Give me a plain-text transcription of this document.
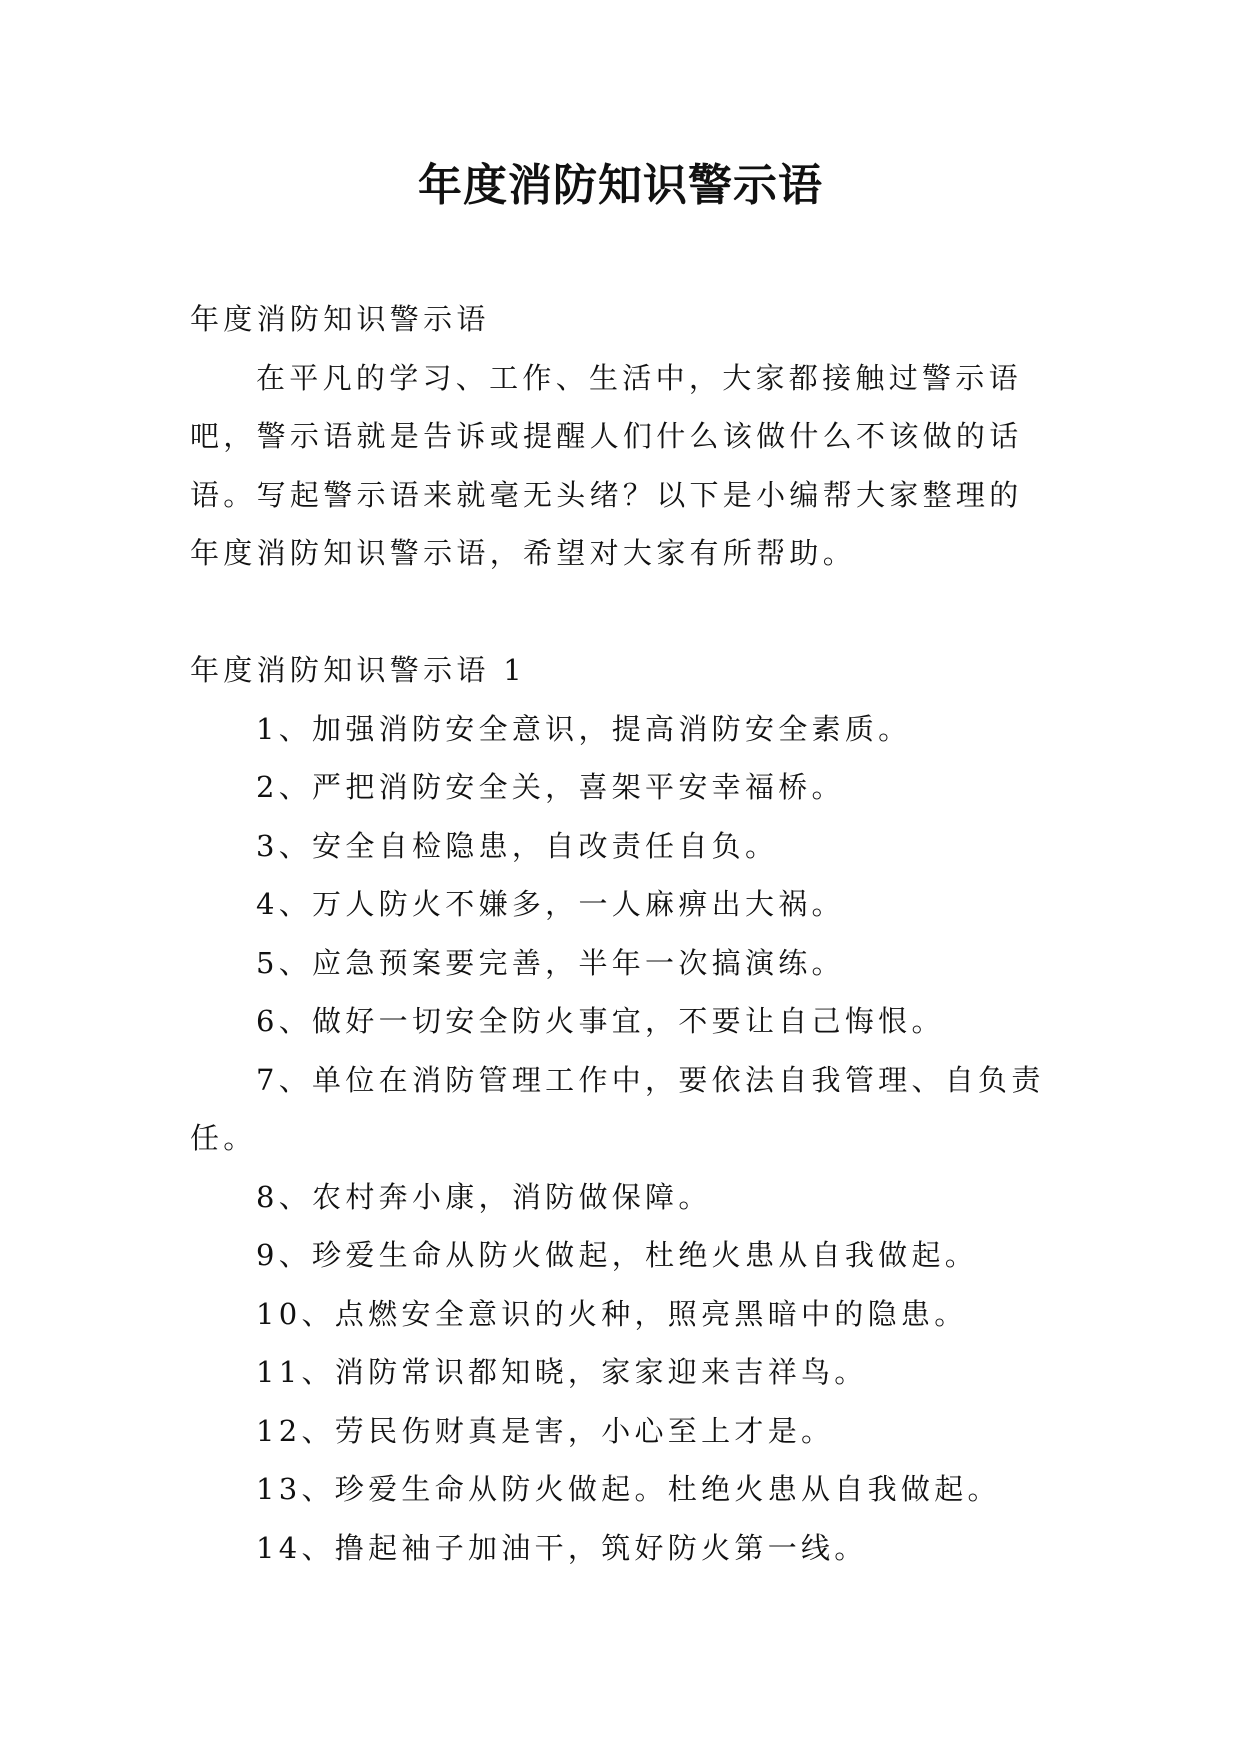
年度消防知识警示语

年度消防知识警示语

在平凡的学习、工作、生活中，大家都接触过警示语吧，警示语就是告诉或提醒人们什么该做什么不该做的话语。写起警示语来就毫无头绪？以下是小编帮大家整理的年度消防知识警示语，希望对大家有所帮助。

年度消防知识警示语 1

1、加强消防安全意识，提高消防安全素质。

2、严把消防安全关，喜架平安幸福桥。

3、安全自检隐患，自改责任自负。

4、万人防火不嫌多，一人麻痹出大祸。

5、应急预案要完善，半年一次搞演练。

6、做好一切安全防火事宜，不要让自己悔恨。

7、单位在消防管理工作中，要依法自我管理、自负责任。

8、农村奔小康，消防做保障。

9、珍爱生命从防火做起，杜绝火患从自我做起。

10、点燃安全意识的火种，照亮黑暗中的隐患。

11、消防常识都知晓，家家迎来吉祥鸟。

12、劳民伤财真是害，小心至上才是。

13、珍爱生命从防火做起。杜绝火患从自我做起。

14、撸起袖子加油干，筑好防火第一线。
